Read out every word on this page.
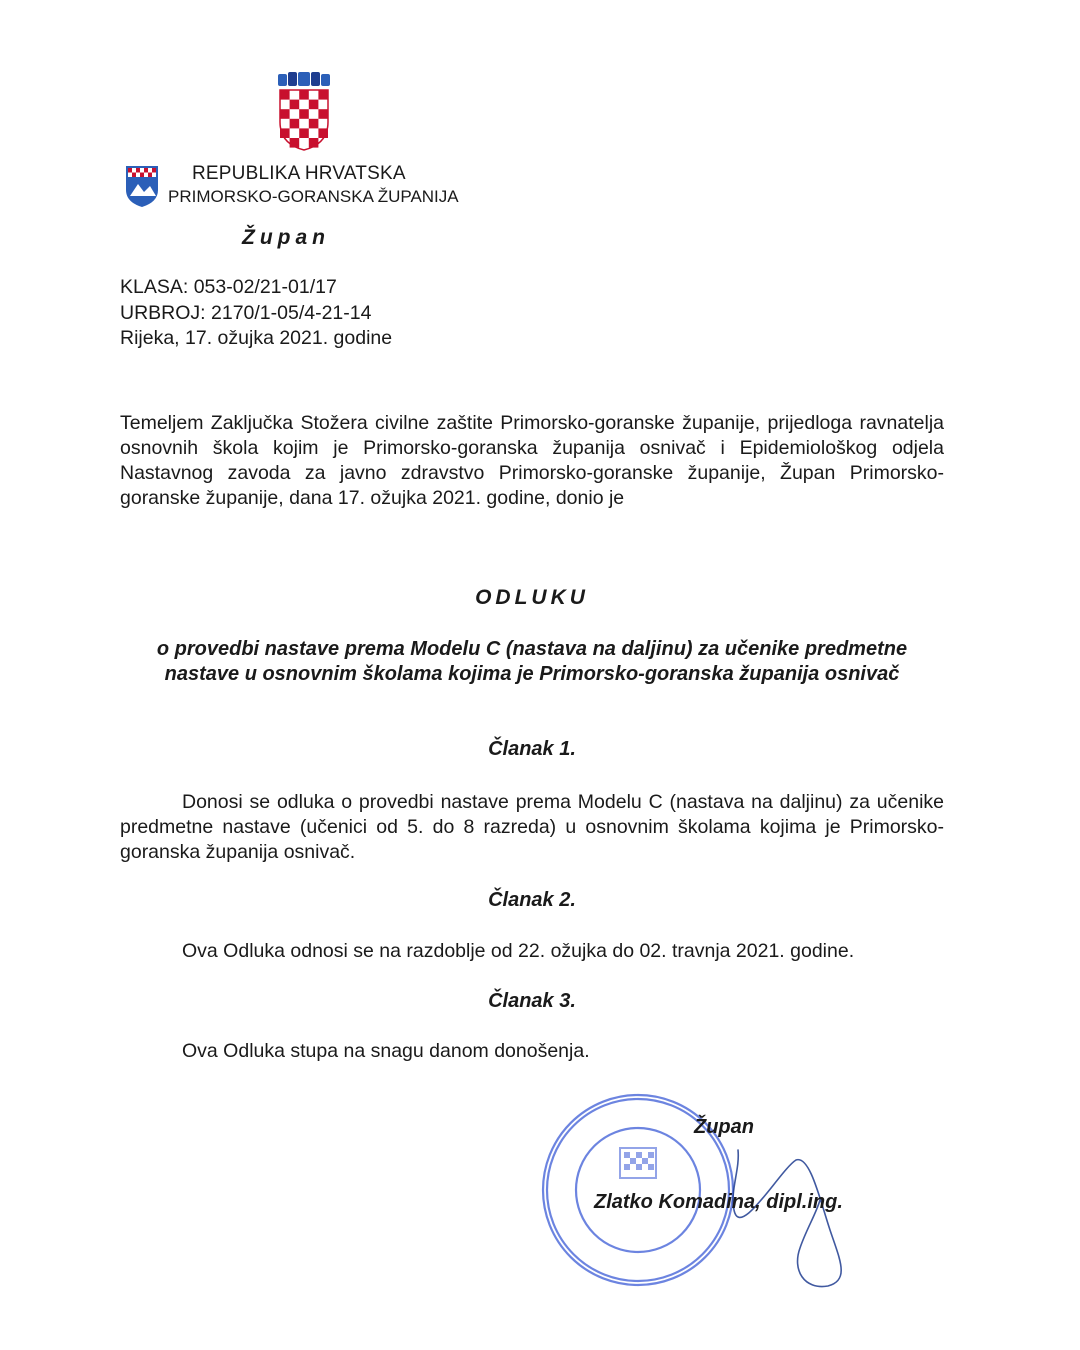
REPUBLIKA HRVATSKA
PRIMORSKO-GORANSKA ŽUPANIJA
Župan
KLASA: 053-02/21-01/17
URBROJ: 2170/1-05/4-21-14
Rijeka, 17. ožujka 2021. godine
Temeljem Zaključka Stožera civilne zaštite Primorsko-goranske županije, prijedloga ravnatelja osnovnih škola kojim je Primorsko-goranska županija osnivač i Epidemiološkog odjela Nastavnog zavoda za javno zdravstvo Primorsko-goranske županije, Župan Primorsko-goranske županije, dana 17. ožujka 2021. godine, donio je
ODLUKU
o provedbi nastave prema Modelu C (nastava na daljinu) za učenike predmetne
nastave u osnovnim školama kojima je Primorsko-goranska županija osnivač
Članak 1.
Donosi se odluka o provedbi nastave prema Modelu C (nastava na daljinu) za učenike predmetne nastave (učenici od 5. do 8 razreda) u osnovnim školama kojima je Primorsko-goranska županija osnivač.
Članak 2.
Ova Odluka odnosi se na razdoblje od 22. ožujka do 02. travnja 2021. godine.
Članak 3.
Ova Odluka stupa na snagu danom donošenja.
Župan
Zlatko Komadina, dipl.ing.
